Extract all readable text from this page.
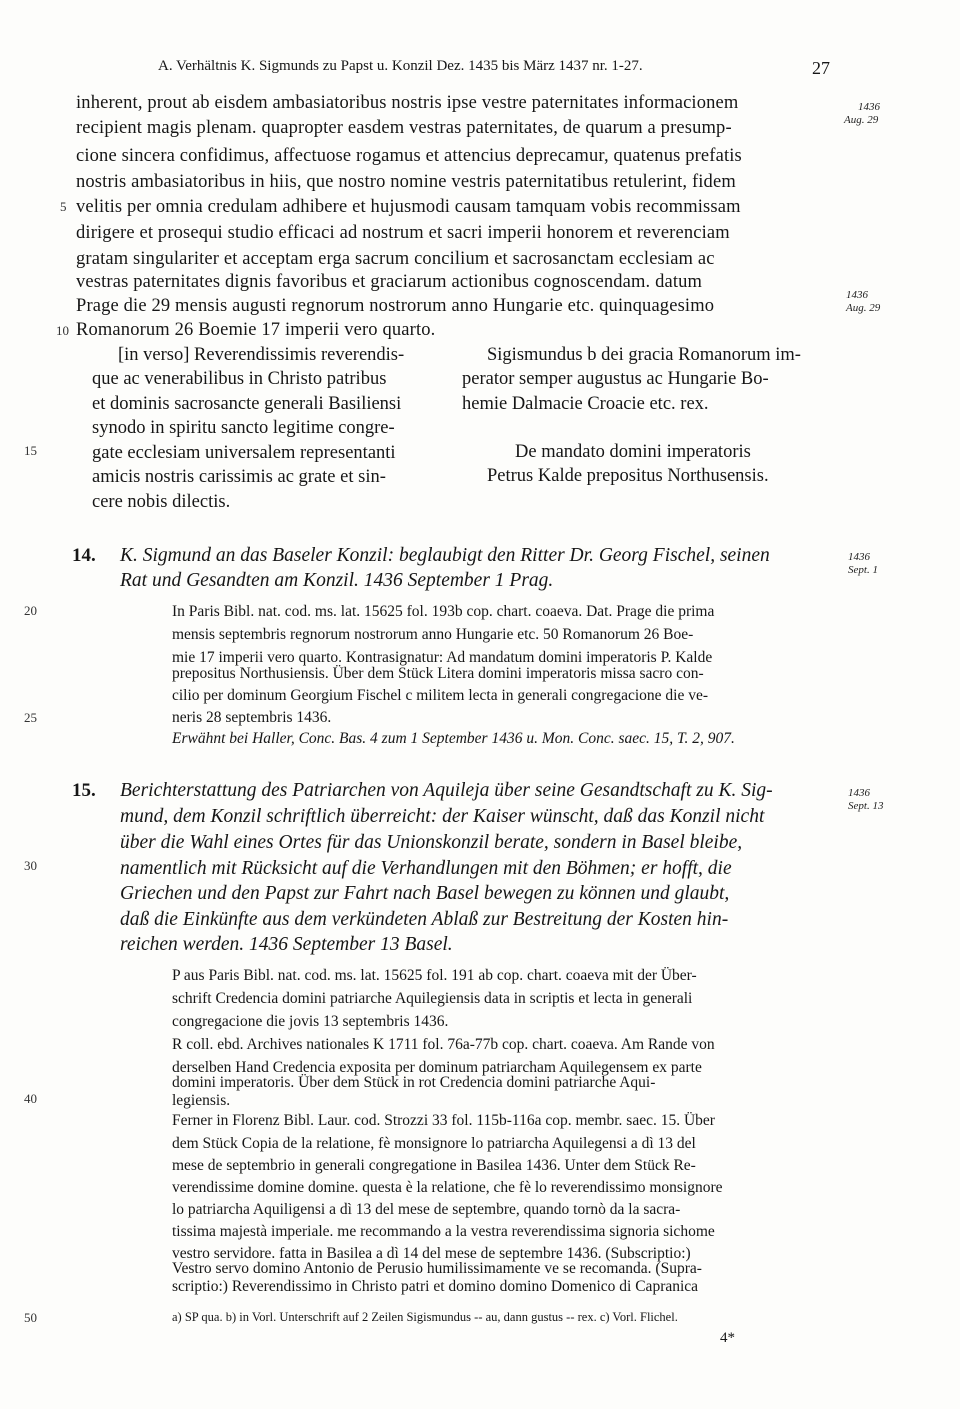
A. Verhältnis K. Sigmunds zu Papst u. Konzil Dez. 1435 bis März 1437 nr. 1-27.	27
inherent, prout ab eisdem ambasiatoribus nostris ipse vestre paternitates informacionem
recipient magis plenam. quapropter easdem vestras paternitates, de quarum a presump-
cione sincera confidimus, affectuose rogamus et attencius deprecamur, quatenus prefatis
nostris ambasiatoribus in hiis, que nostro nomine vestris paternitatibus retulerint, fidem
velitis per omnia credulam adhibere et hujusmodi causam tamquam vobis recommissam
dirigere et prosequi studio efficaci ad nostrum et sacri imperii honorem et reverenciam
gratam singulariter et acceptam erga sacrum concilium et sacrosanctam ecclesiam ac
vestras paternitates dignis favoribus et graciarum actionibus cognoscendam. datum
Prage die 29 mensis augusti regnorum nostrorum anno Hungarie etc. quinquagesimo
Romanorum 26 Boemie 17 imperii vero quarto.
5
10
15
20
25
30
40
50
1436
Aug. 29
1436
Aug. 29
1436
Sept. 1
1436
Sept. 13
[in verso] Reverendissimis reverendis-
que ac venerabilibus in Christo patribus
et dominis sacrosancte generali Basiliensi
synodo in spiritu sancto legitime congre-
gate ecclesiam universalem representanti
amicis nostris carissimis ac grate et sin-
cere nobis dilectis.
Sigismundus b dei gracia Romanorum im-
perator semper augustus ac Hungarie Bo-
hemie Dalmacie Croacie etc. rex.
De mandato domini imperatoris
Petrus Kalde prepositus Northusensis.
14. K. Sigmund an das Baseler Konzil: beglaubigt den Ritter Dr. Georg Fischel, seinen
Rat und Gesandten am Konzil. 1436 September 1 Prag.
In Paris Bibl. nat. cod. ms. lat. 15625 fol. 193b cop. chart. coaeva. Dat. Prage die prima
mensis septembris regnorum nostrorum anno Hungarie etc. 50 Romanorum 26 Boe-
mie 17 imperii vero quarto. Kontrasignatur: Ad mandatum domini imperatoris P. Kalde
prepositus Northusiensis. Über dem Stück Litera domini imperatoris missa sacro con-
cilio per dominum Georgium Fischel c militem lecta in generali congregacione die ve-
neris 28 septembris 1436.
Erwähnt bei Haller, Conc. Bas. 4 zum 1 September 1436 u. Mon. Conc. saec. 15, T. 2, 907.
15. Berichterstattung des Patriarchen von Aquileja über seine Gesandtschaft zu K. Sig-
mund, dem Konzil schriftlich überreicht: der Kaiser wünscht, daß das Konzil nicht
über die Wahl eines Ortes für das Unionskonzil berate, sondern in Basel bleibe,
namentlich mit Rücksicht auf die Verhandlungen mit den Böhmen; er hofft, die
Griechen und den Papst zur Fahrt nach Basel bewegen zu können und glaubt,
daß die Einkünfte aus dem verkündeten Ablaß zur Bestreitung der Kosten hin-
reichen werden. 1436 September 13 Basel.
P aus Paris Bibl. nat. cod. ms. lat. 15625 fol. 191 ab cop. chart. coaeva mit der Über-
schrift Credencia domini patriarche Aquilegiensis data in scriptis et lecta in generali
congregacione die jovis 13 septembris 1436.
R coll. ebd. Archives nationales K 1711 fol. 76a-77b cop. chart. coaeva. Am Rande von
derselben Hand Credencia exposita per dominum patriarcham Aquilegensem ex parte
domini imperatoris. Über dem Stück in rot Credencia domini patriarche Aqui-
legiensis.
Ferner in Florenz Bibl. Laur. cod. Strozzi 33 fol. 115b-116a cop. membr. saec. 15. Über
dem Stück Copia de la relatione, fè monsignore lo patriarcha Aquilegensi a dì 13 del
mese de septembrio in generali congregatione in Basilea 1436. Unter dem Stück Re-
verendissime domine domine. questa è la relatione, che fè lo reverendissimo monsignore
lo patriarcha Aquiligensi a dì 13 del mese de septembre, quando tornò da la sacra-
tissima majestà imperiale. me recommando a la vestra reverendissima signoria sichome
vestro servidore. fatta in Basilea a dì 14 del mese de septembre 1436. (Subscriptio:)
Vestro servo domino Antonio de Perusio humilissimamente ve se recomanda. (Supra-
scriptio:) Reverendissimo in Christo patri et domino domino Domenico di Capranica
a) SP qua. b) in Vorl. Unterschrift auf 2 Zeilen Sigismundus -- au, dann gustus -- rex. c) Vorl. Flichel.
4*
